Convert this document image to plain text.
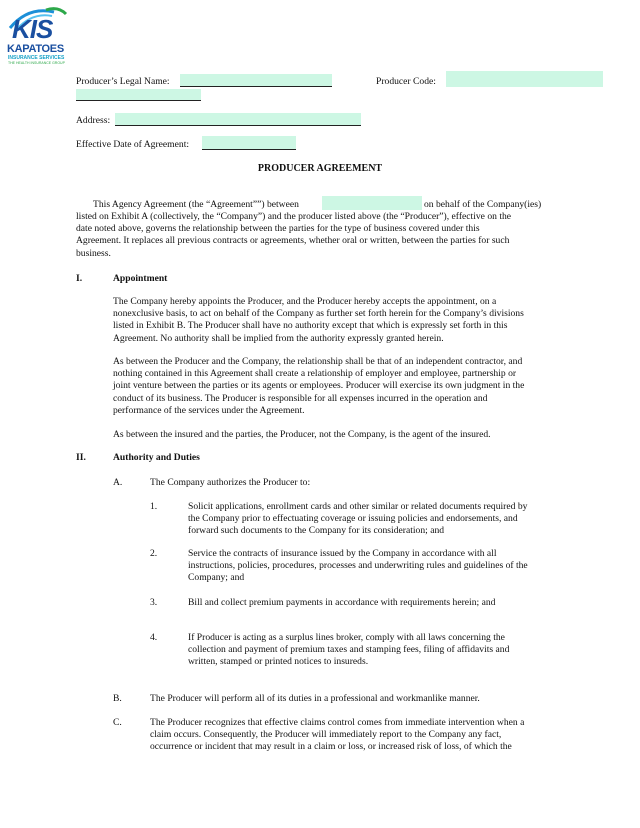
KIS
KAPATOES
INSURANCE SERVICES
THE HEALTH INSURANCE GROUP
Producer’s Legal Name:	Producer Code:
Address:
Effective Date of Agreement:
PRODUCER AGREEMENT
This Agency Agreement (the “Agreement””) between	on behalf of the Company(ies)
listed on Exhibit A (collectively, the “Company”) and the producer listed above (the “Producer”), effective on the
date noted above, governs the relationship between the parties for the type of business covered under this
Agreement. It replaces all previous contracts or agreements, whether oral or written, between the parties for such
business.
I.	Appointment
The Company hereby appoints the Producer, and the Producer hereby accepts the appointment, on a
nonexclusive basis, to act on behalf of the Company as further set forth herein for the Company’s divisions
listed in Exhibit B. The Producer shall have no authority except that which is expressly set forth in this
Agreement. No authority shall be implied from the authority expressly granted herein.
As between the Producer and the Company, the relationship shall be that of an independent contractor, and
nothing contained in this Agreement shall create a relationship of employer and employee, partnership or
joint venture between the parties or its agents or employees. Producer will exercise its own judgment in the
conduct of its business. The Producer is responsible for all expenses incurred in the operation and
performance of the services under the Agreement.
As between the insured and the parties, the Producer, not the Company, is the agent of the insured.
II.	Authority and Duties
A.	The Company authorizes the Producer to:
1.	Solicit applications, enrollment cards and other similar or related documents required by
the Company prior to effectuating coverage or issuing policies and endorsements, and
forward such documents to the Company for its consideration; and
2.	Service the contracts of insurance issued by the Company in accordance with all
instructions, policies, procedures, processes and underwriting rules and guidelines of the
Company; and
3.	Bill and collect premium payments in accordance with requirements herein; and
4.	If Producer is acting as a surplus lines broker, comply with all laws concerning the
collection and payment of premium taxes and stamping fees, filing of affidavits and
written, stamped or printed notices to insureds.
B.	The Producer will perform all of its duties in a professional and workmanlike manner.
C.	The Producer recognizes that effective claims control comes from immediate intervention when a
claim occurs. Consequently, the Producer will immediately report to the Company any fact,
occurrence or incident that may result in a claim or loss, or increased risk of loss, of which the
